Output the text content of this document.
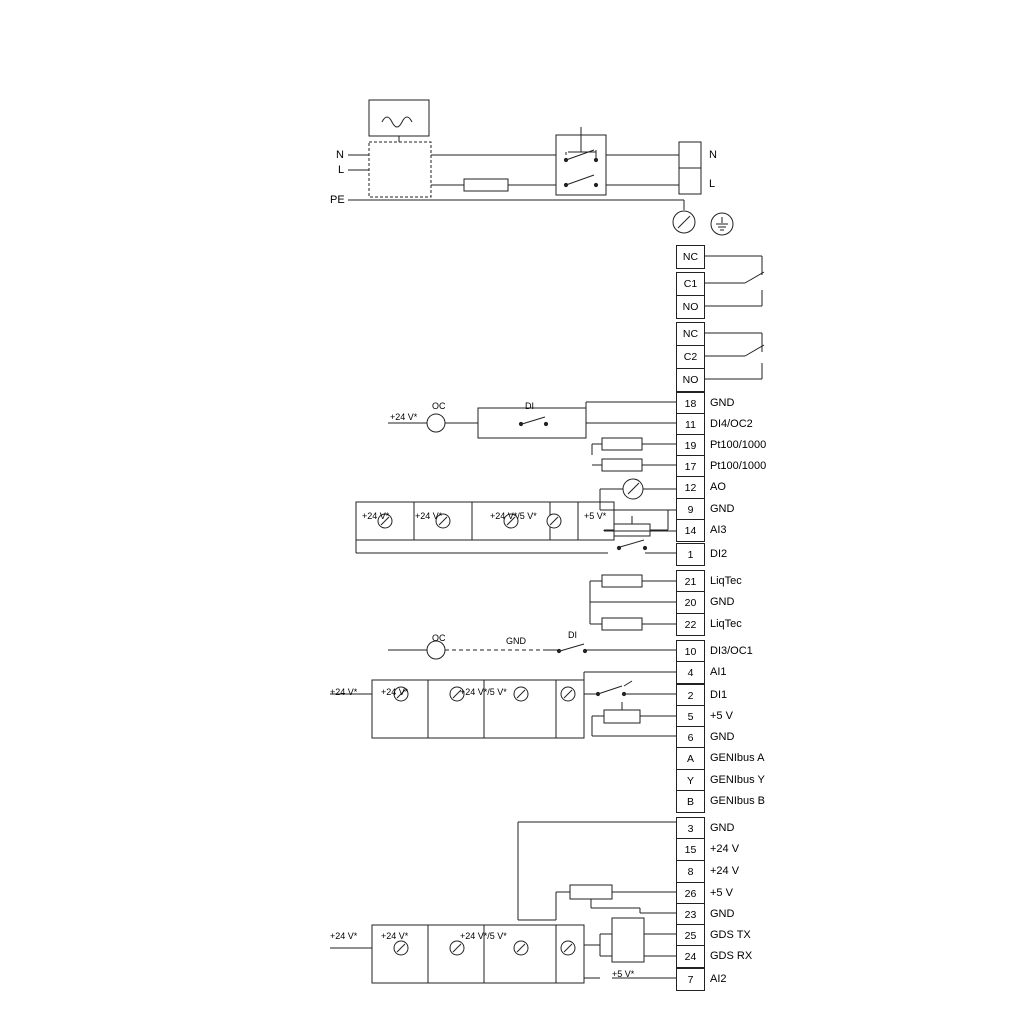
N
L
PE
N
L
NC
C1
NO
NC
C2
NO
18	GND
11	DI4/OC2
19	Pt100/1000
17	Pt100/1000
12	AO
9	GND
14	AI3
1	DI2
21	LiqTec
20	GND
22	LiqTec
10	DI3/OC1
4	AI1
2	DI1
5	+5 V
6	GND
A	GENIbus A
Y	GENIbus Y
B	GENIbus B
3	GND
15	+24 V
8	+24 V
26	+5 V
23	GND
25	GDS TX
24	GDS RX
7	AI2
OC	DI
+24 V*
+24 V*	+24 V*	+24 V*/5 V*	+5 V*
OC	GND
DI
+24 V*	+24 V*	+24 V*/5 V*
+24 V*	+24 V*	+24 V*/5 V*
+5 V*
